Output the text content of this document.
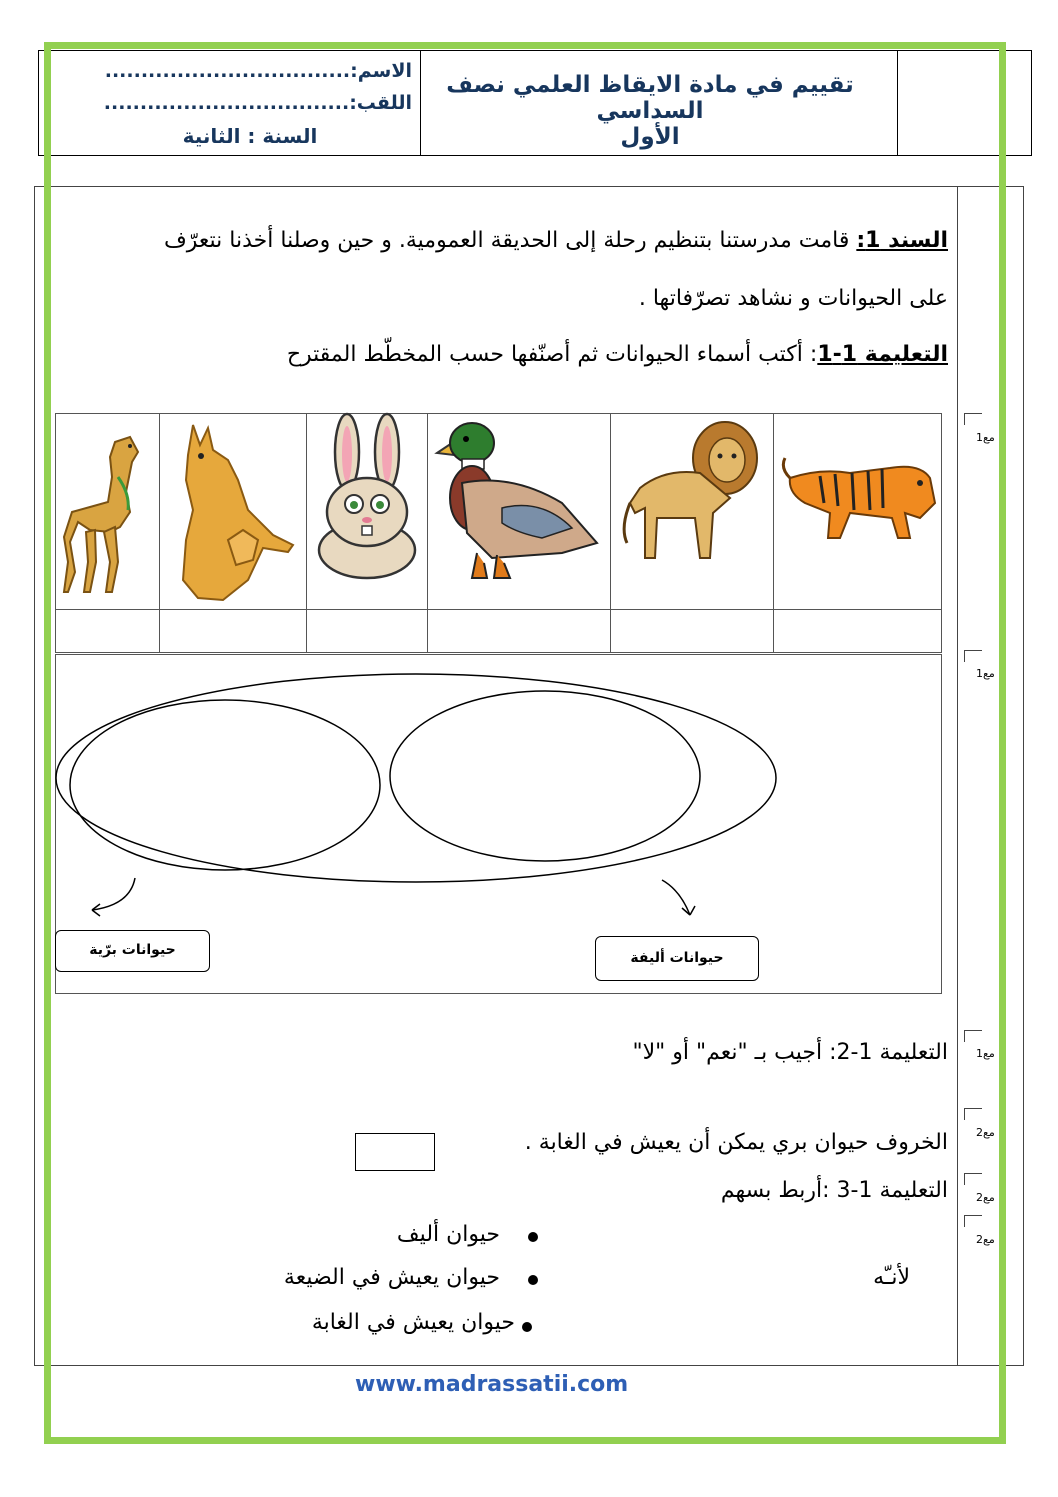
تقييم في مادة الايقاظ العلمي نصف السداسي
الأول
الاسم:..................................
اللقب:..................................
السنة : الثانية
السند 1: قامت مدرستنا بتنظيم رحلة إلى الحديقة العمومية. و حين وصلنا أخذنا نتعرّف
على الحيوانات و نشاهد تصرّفاتها .
التعليمة 1-1: أكتب أسماء الحيوانات ثم أصنّفها حسب المخطّط المقترح
حيوانات برّية	حيوانات أليفة
التعليمة 1-2: أجيب بـ "نعم" أو "لا"
الخروف حيوان بري يمكن أن يعيش في الغابة .
التعليمة 1-3 :أربط بسهم
حيوان أليف
حيوان يعيش في الضيعة
حيوان يعيش في الغابة
لأنـّه
مع1
مع1
مع1
مع2
مع2
مع2
www.madrassatii.com
